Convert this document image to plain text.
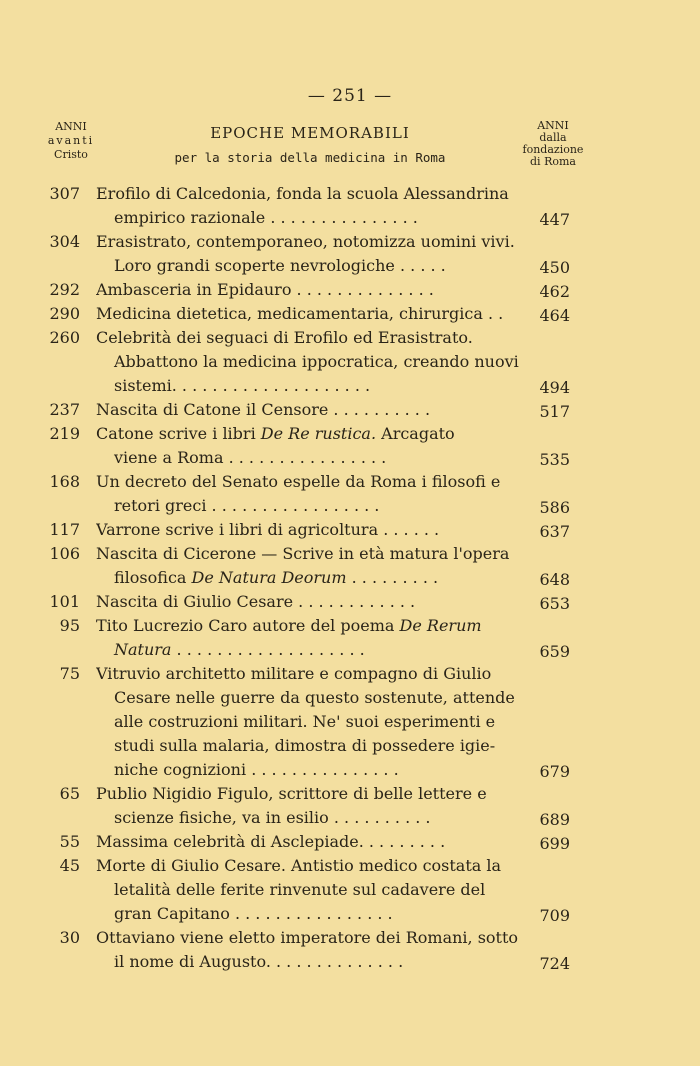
— 251 —
ANNI
avanti
Cristo
EPOCHE MEMORABILI
per la storia della medicina in Roma
ANNI
dalla
fondazione
di Roma
307 Erofilo di Calcedonia, fonda la scuola Alessandrina
empirico razionale . . . . . . . . . . . . . . .	447
304 Erasistrato, contemporaneo, notomizza uomini vivi.
Loro grandi scoperte nevrologiche . . . . .	450
292 Ambasceria in Epidauro . . . . . . . . . . . . . .	462
290 Medicina dietetica, medicamentaria, chirurgica . .	464
260 Celebrità dei seguaci di Erofilo ed Erasistrato.
Abbattono la medicina ippocratica, creando nuovi
sistemi. . . . . . . . . . . . . . . . . . . .	494
237 Nascita di Catone il Censore . . . . . . . . . .	517
219 Catone scrive i libri De Re rustica. Arcagato
viene a Roma . . . . . . . . . . . . . . . .	535
168 Un decreto del Senato espelle da Roma i filosofi e
retori greci . . . . . . . . . . . . . . . . .	586
117 Varrone scrive i libri di agricoltura . . . . . .	637
106 Nascita di Cicerone — Scrive in età matura l'opera
filosofica De Natura Deorum . . . . . . . . .	648
101 Nascita di Giulio Cesare . . . . . . . . . . . .	653
95 Tito Lucrezio Caro autore del poema De Rerum
Natura . . . . . . . . . . . . . . . . . . .	659
75 Vitruvio architetto militare e compagno di Giulio
Cesare nelle guerre da questo sostenute, attende
alle costruzioni militari. Ne' suoi esperimenti e
studi sulla malaria, dimostra di possedere igie-
niche cognizioni . . . . . . . . . . . . . . .	679
65 Publio Nigidio Figulo, scrittore di belle lettere e
scienze fisiche, va in esilio . . . . . . . . . .	689
55 Massima celebrità di Asclepiade. . . . . . . . .	699
45 Morte di Giulio Cesare. Antistio medico costata la
letalità delle ferite rinvenute sul cadavere del
gran Capitano . . . . . . . . . . . . . . . .	709
30 Ottaviano viene eletto imperatore dei Romani, sotto
il nome di Augusto. . . . . . . . . . . . . .	724
